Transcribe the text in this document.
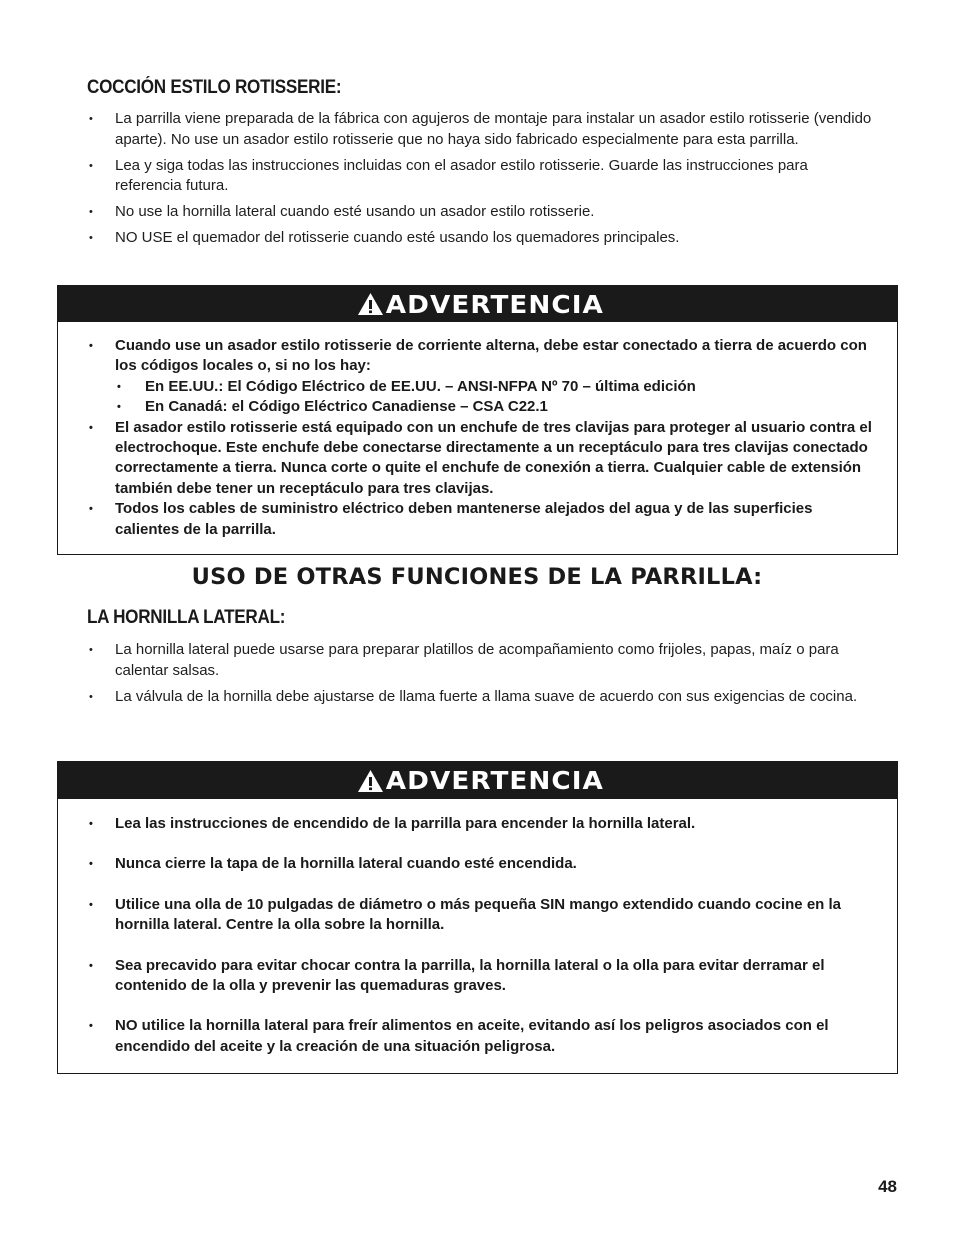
COCCIÓN ESTILO ROTISSERIE:
• La parrilla viene preparada de la fábrica con agujeros de montaje para instalar un asador estilo rotisserie (vendido aparte). No use un asador estilo rotisserie que no haya sido fabricado especialmente para esta parrilla.
• Lea y siga todas las instrucciones incluidas con el asador estilo rotisserie. Guarde las instrucciones para referencia futura.
• No use la hornilla lateral cuando esté usando un asador estilo rotisserie.
• NO USE el quemador del rotisserie cuando esté usando los quemadores principales.
ADVERTENCIA
• Cuando use un asador estilo rotisserie de corriente alterna, debe estar conectado a tierra de acuerdo con los códigos locales o, si no los hay:
• En EE.UU.: El Código Eléctrico de EE.UU. – ANSI-NFPA Nº 70 – última edición
• En Canadá: el Código Eléctrico Canadiense – CSA C22.1
• El asador estilo rotisserie está equipado con un enchufe de tres clavijas para proteger al usuario contra el electrochoque. Este enchufe debe conectarse directamente a un receptáculo para tres clavijas conectado correctamente a tierra. Nunca corte o quite el enchufe de conexión a tierra. Cualquier cable de extensión también debe tener un receptáculo para tres clavijas.
• Todos los cables de suministro eléctrico deben mantenerse alejados del agua y de las superficies calientes de la parrilla.
USO DE OTRAS FUNCIONES DE LA PARRILLA:
LA HORNILLA LATERAL:
• La hornilla lateral puede usarse para preparar platillos de acompañamiento como frijoles, papas, maíz o para calentar salsas.
• La válvula de la hornilla debe ajustarse de llama fuerte a llama suave de acuerdo con sus exigencias de cocina.
ADVERTENCIA
• Lea las instrucciones de encendido de la parrilla para encender la hornilla lateral.
• Nunca cierre la tapa de la hornilla lateral cuando esté encendida.
• Utilice una olla de 10 pulgadas de diámetro o más pequeña SIN mango extendido cuando cocine en la hornilla lateral. Centre la olla sobre la hornilla.
• Sea precavido para evitar chocar contra la parrilla, la hornilla lateral o la olla para evitar derramar el contenido de la olla y prevenir las quemaduras graves.
• NO utilice la hornilla lateral para freír alimentos en aceite, evitando así los peligros asociados con el encendido del aceite y la creación de una situación peligrosa.
48
